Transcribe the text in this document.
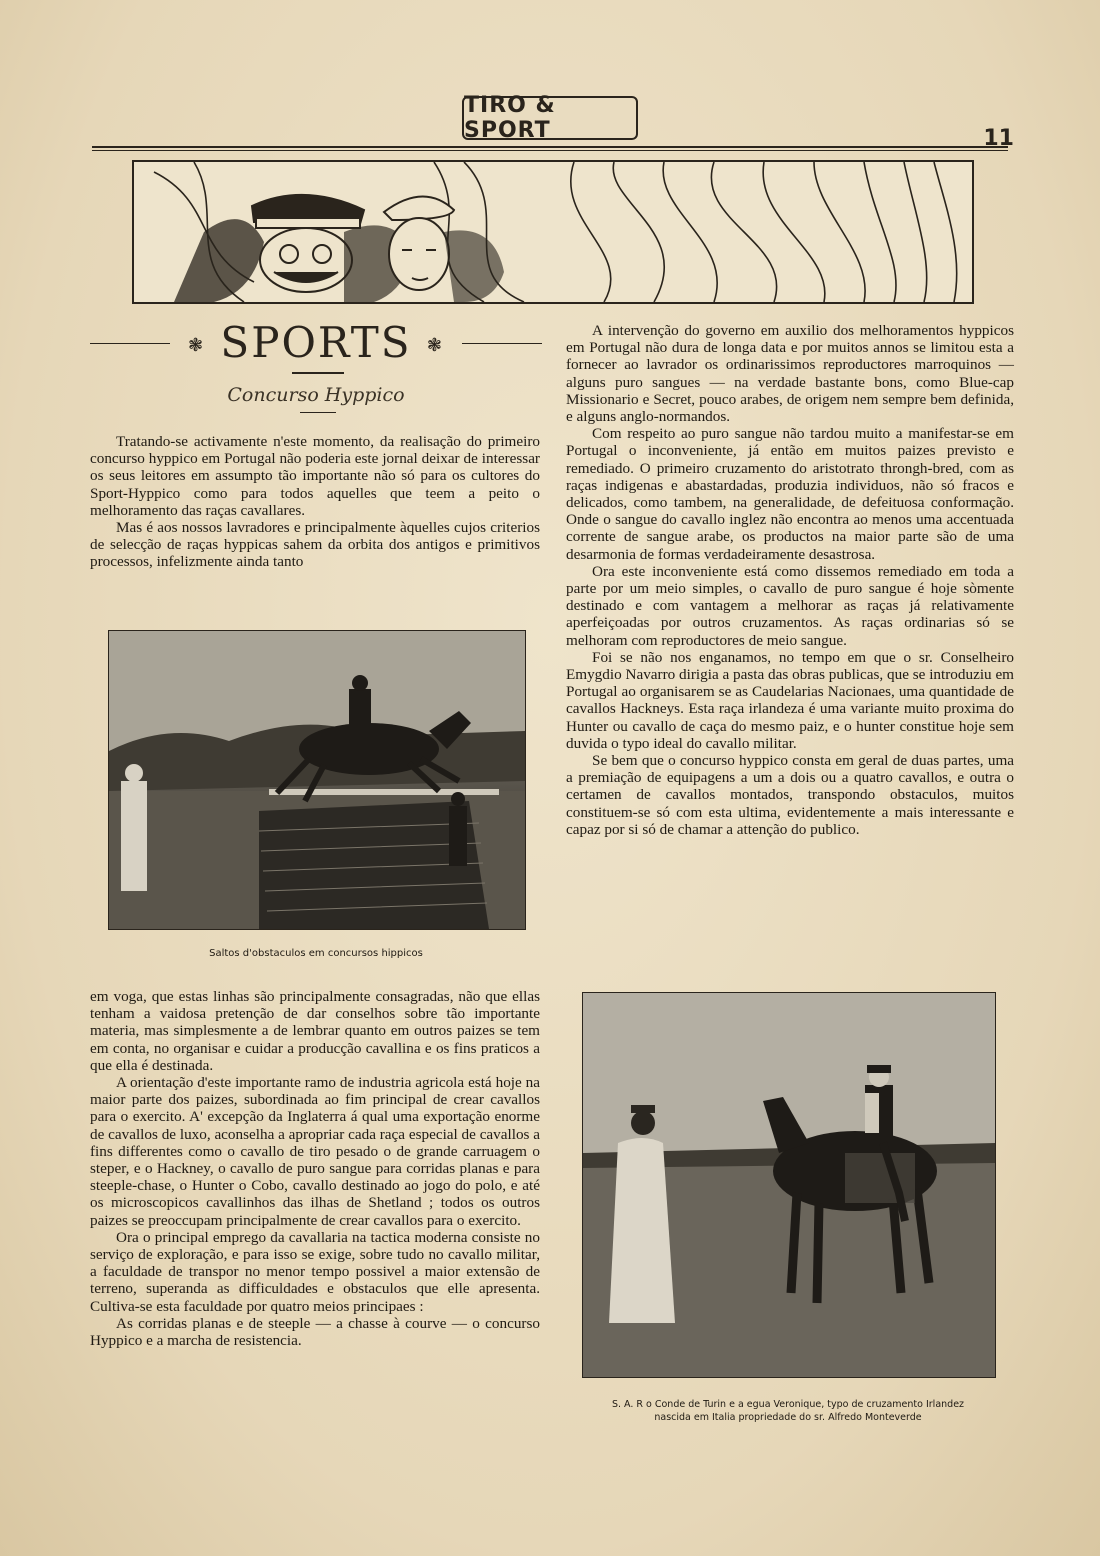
TIRO & SPORT	11
❃ SPORTS ❃
Concurso Hyppico

Tratando-se activamente n'este momento, da realisação do primeiro concurso hyppico em Portugal não poderia este jornal deixar de interessar os seus leitores em assumpto tão importante não só para os cultores do Sport-Hyppico como para todos aquelles que teem a peito o melhoramento das raças cavallares.

Mas é aos nossos lavradores e principalmente àquelles cujos criterios de selecção de raças hyppicas sahem da orbita dos antigos e primitivos processos, infelizmente ainda tanto

A intervenção do governo em auxilio dos melhoramentos hyppicos em Portugal não dura de longa data e por muitos annos se limitou esta a fornecer ao lavrador os ordinarissimos reproductores marroquinos — alguns puro sangues — na verdade bastante bons, como Blue-cap Missionario e Secret, pouco arabes, de origem nem sempre bem definida, e alguns anglo-normandos.

Com respeito ao puro sangue não tardou muito a manifestar-se em Portugal o inconveniente, já então em muitos paizes previsto e remediado. O primeiro cruzamento do aristotrato throngh-bred, com as raças indigenas e abastardadas, produzia individuos, não só fracos e delicados, como tambem, na generalidade, de defeituosa conformação. Onde o sangue do cavallo inglez não encontra ao menos uma accentuada corrente de sangue arabe, os productos na maior parte são de uma desarmonia de formas verdadeiramente desastrosa.

Ora este inconveniente está como dissemos remediado em toda a parte por um meio simples, o cavallo de puro sangue é hoje sòmente destinado e com vantagem a melhorar as raças já relativamente aperfeiçoadas por outros cruzamentos. As raças ordinarias só se melhoram com reproductores de meio sangue.

Foi se não nos enganamos, no tempo em que o sr. Conselheiro Emygdio Navarro dirigia a pasta das obras publicas, que se introduziu em Portugal ao organisarem se as Caudelarias Nacionaes, uma quantidade de cavallos Hackneys. Esta raça irlandeza é uma variante muito proxima do Hunter ou cavallo de caça do mesmo paiz, e o hunter constitue hoje sem duvida o typo ideal do cavallo militar.

Se bem que o concurso hyppico consta em geral de duas partes, uma a premiação de equipagens a um a dois ou a quatro cavallos, e outra o certamen de cavallos montados, transpondo obstaculos, muitos constituem-se só com esta ultima, evidentemente a mais interessante e capaz por si só de chamar a attenção do publico.

Saltos d'obstaculos em concursos hippicos

em voga, que estas linhas são principalmente consagradas, não que ellas tenham a vaidosa pretenção de dar conselhos sobre tão importante materia, mas simplesmente a de lembrar quanto em outros paizes se tem em conta, no organisar e cuidar a producção cavallina e os fins praticos a que ella é destinada.

A orientação d'este importante ramo de industria agricola está hoje na maior parte dos paizes, subordinada ao fim principal de crear cavallos para o exercito. A' excepção da Inglaterra á qual uma exportação enorme de cavallos de luxo, aconselha a apropriar cada raça especial de cavallos a fins differentes como o cavallo de tiro pesado o de grande carruagem o steper, e o Hackney, o cavallo de puro sangue para corridas planas e para steeple-chase, o Hunter o Cobo, cavallo destinado ao jogo do polo, e até os microscopicos cavallinhos das ilhas de Shetland ; todos os outros paizes se preoccupam principalmente de crear cavallos para o exercito.

Ora o principal emprego da cavallaria na tactica moderna consiste no serviço de exploração, e para isso se exige, sobre tudo no cavallo militar, a faculdade de transpor no menor tempo possivel a maior extensão de terreno, superanda as difficuldades e obstaculos que elle apresenta. Cultiva-se esta faculdade por quatro meios principaes :

As corridas planas e de steeple — a chasse à courve — o concurso Hyppico e a marcha de resistencia.

S. A. R o Conde de Turin e a egua Veronique, typo de cruzamento Irlandez
nascida em Italia propriedade do sr. Alfredo Monteverde
